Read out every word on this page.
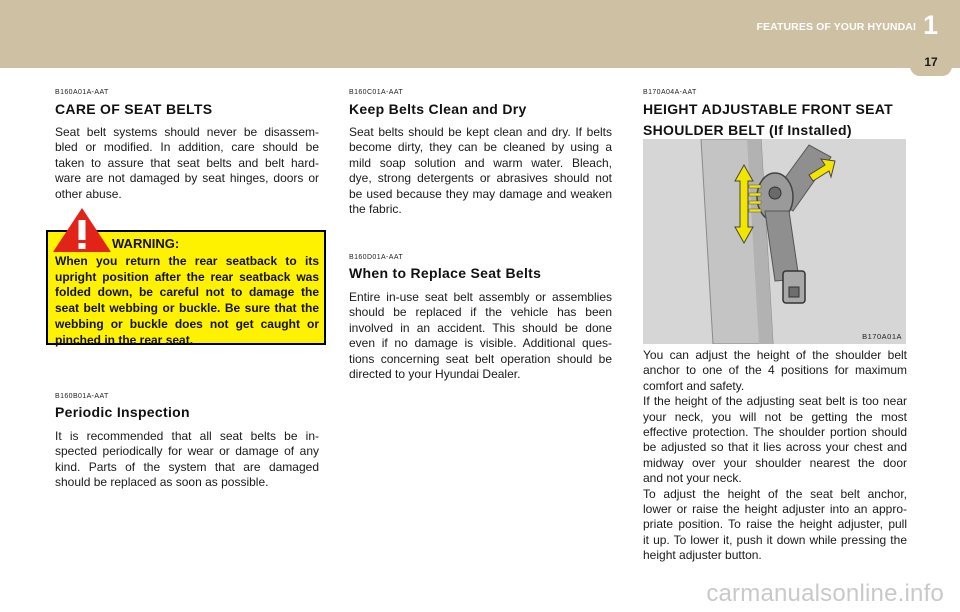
FEATURES OF YOUR HYUNDAI 1
17
B160A01A-AAT
CARE OF SEAT BELTS
Seat belt systems should never be disassem-
bled or modified. In addition, care should be
taken to assure that seat belts and belt hard-
ware are not damaged by seat hinges, doors or
other abuse.
WARNING:
When you return the rear seatback to its
upright position after the rear seatback was
folded down, be careful not to damage the
seat belt webbing or buckle. Be sure that the
webbing or buckle does not get caught or
pinched in the rear seat.
B160B01A-AAT
Periodic Inspection
It is recommended that all seat belts be in-
spected periodically for wear or damage of any
kind. Parts of the system that are damaged
should be replaced as soon as possible.
B160C01A-AAT
Keep Belts Clean and Dry
Seat belts should be kept clean and dry. If belts
become dirty, they can be cleaned by using a
mild soap solution and warm water. Bleach,
dye, strong detergents or abrasives should not
be used because they may damage and weaken
the fabric.
B160D01A-AAT
When to Replace Seat Belts
Entire in-use seat belt assembly or assemblies
should be replaced if the vehicle has been
involved in an accident. This should be done
even if no damage is visible. Additional ques-
tions concerning seat belt operation should be
directed to your Hyundai Dealer.
B170A04A-AAT
HEIGHT ADJUSTABLE FRONT SEAT
SHOULDER BELT (If Installed)
B170A01A
You can adjust the height of the shoulder belt
anchor to one of the 4 positions for maximum
comfort and safety.
If the height of the adjusting seat belt is too near
your neck, you will not be getting the most
effective protection. The shoulder portion should
be adjusted so that it lies across your chest and
midway over your shoulder nearest the door
and not your neck.
To adjust the height of the seat belt anchor,
lower or raise the height adjuster into an appro-
priate position. To raise the height adjuster, pull
it up. To lower it, push it down while pressing the
height adjuster button.
carmanualsonline.info
